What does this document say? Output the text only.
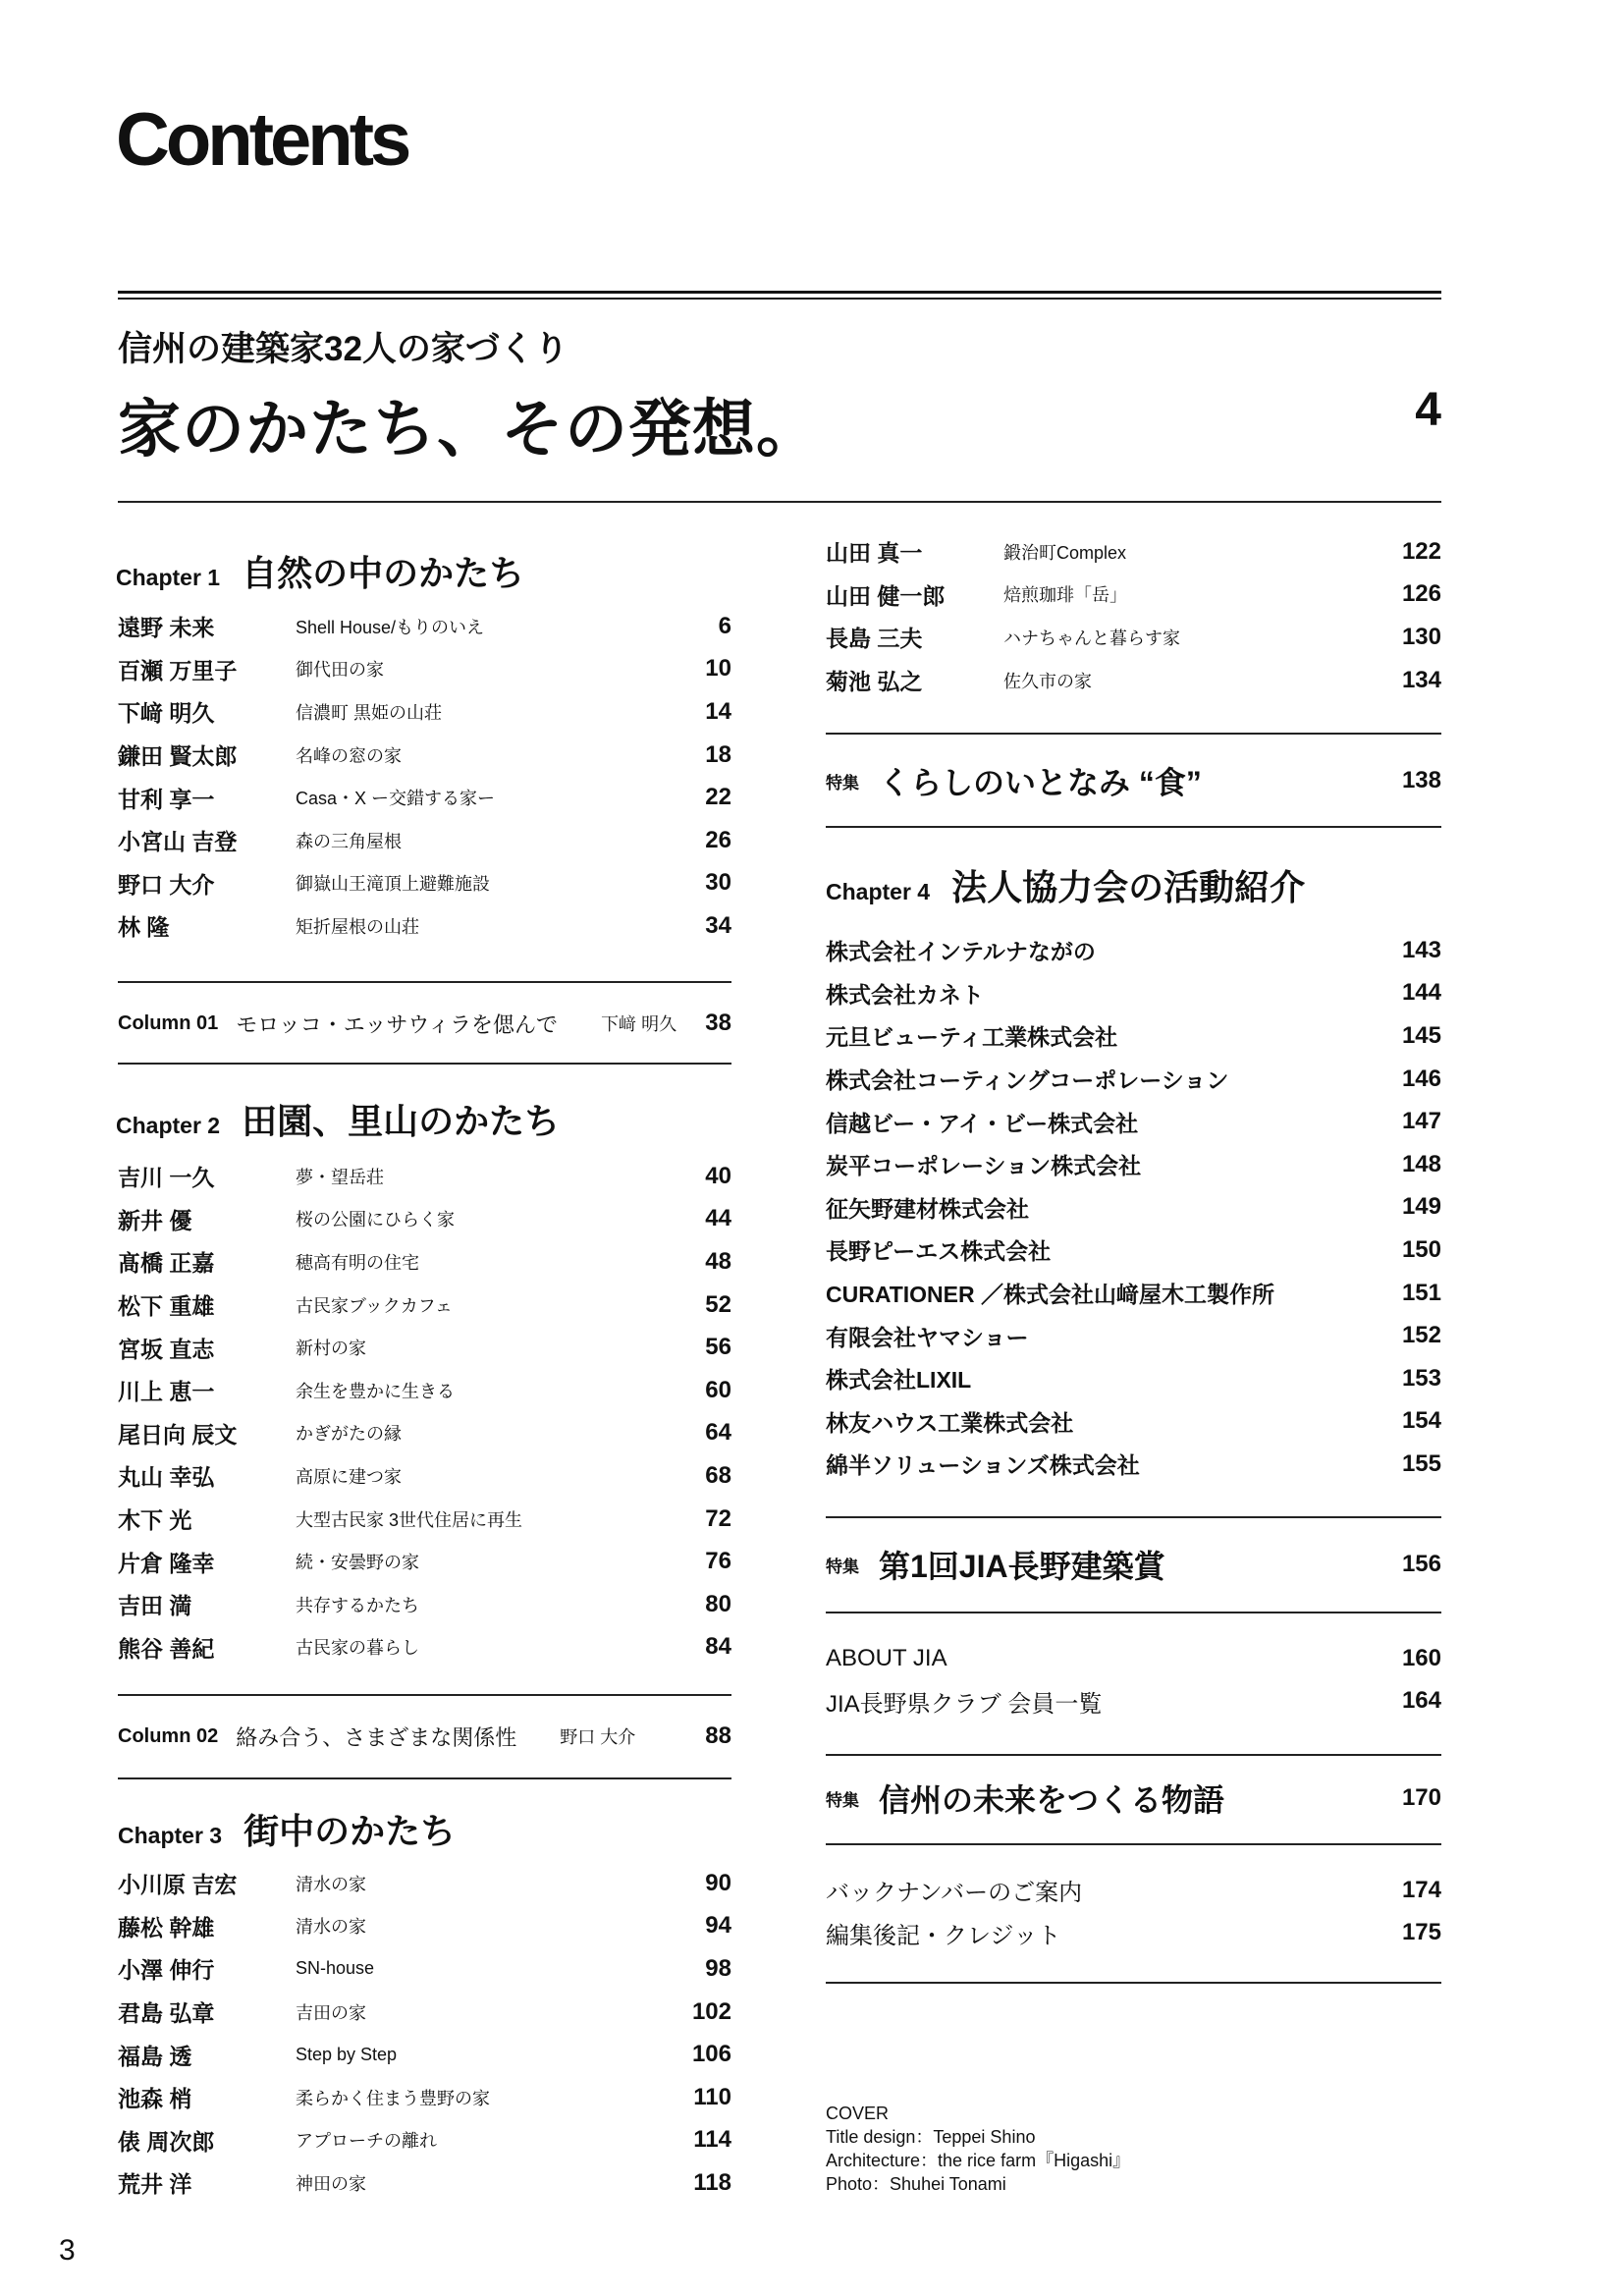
Contents
信州の建築家32人の家づくり
家のかたち、その発想。	4
Chapter 1 自然の中のかたち
遠野 未来	Shell House/もりのいえ	6
百瀬 万里子	御代田の家	10
下﨑 明久	信濃町 黒姫の山荘	14
鎌田 賢太郎	名峰の窓の家	18
甘利 享一	Casa・X ー交錯する家ー	22
小宮山 吉登	森の三角屋根	26
野口 大介	御嶽山王滝頂上避難施設	30
林 隆	矩折屋根の山荘	34
Column 01 モロッコ・エッサウィラを偲んで 下﨑 明久	38
Chapter 2 田園、里山のかたち
吉川 一久	夢・望岳荘	40
新井 優	桜の公園にひらく家	44
髙橋 正嘉	穂高有明の住宅	48
松下 重雄	古民家ブックカフェ	52
宮坂 直志	新村の家	56
川上 恵一	余生を豊かに生きる	60
尾日向 辰文	かぎがたの縁	64
丸山 幸弘	高原に建つ家	68
木下 光	大型古民家 3世代住居に再生	72
片倉 隆幸	続・安曇野の家	76
吉田 満	共存するかたち	80
熊谷 善紀	古民家の暮らし	84
Column 02 絡み合う、さまざまな関係性 野口 大介	88
Chapter 3 街中のかたち
小川原 吉宏	清水の家	90
藤松 幹雄	清水の家	94
小澤 伸行	SN-house	98
君島 弘章	吉田の家	102
福島 透	Step by Step	106
池森 梢	柔らかく住まう豊野の家	110
俵 周次郎	アプローチの離れ	114
荒井 洋	神田の家	118
3
山田 真一	鍛治町Complex	122
山田 健一郎	焙煎珈琲「岳」	126
長島 三夫	ハナちゃんと暮らす家	130
菊池 弘之	佐久市の家	134
特集 くらしのいとなみ “食”	138
Chapter 4 法人協力会の活動紹介
株式会社インテルナながの	143
株式会社カネト	144
元旦ビューティ工業株式会社	145
株式会社コーティングコーポレーション	146
信越ビー・アイ・ビー株式会社	147
炭平コーポレーション株式会社	148
征矢野建材株式会社	149
長野ピーエス株式会社	150
CURATIONER ／株式会社山﨑屋木工製作所	151
有限会社ヤマショー	152
株式会社LIXIL	153
林友ハウス工業株式会社	154
綿半ソリューションズ株式会社	155
特集 第1回JIA長野建築賞	156
ABOUT JIA	160
JIA長野県クラブ 会員一覧	164
特集 信州の未来をつくる物語	170
バックナンバーのご案内	174
編集後記・クレジット	175
COVER
Title design：Teppei Shino
Architecture：the rice farm『Higashi』
Photo：Shuhei Tonami
